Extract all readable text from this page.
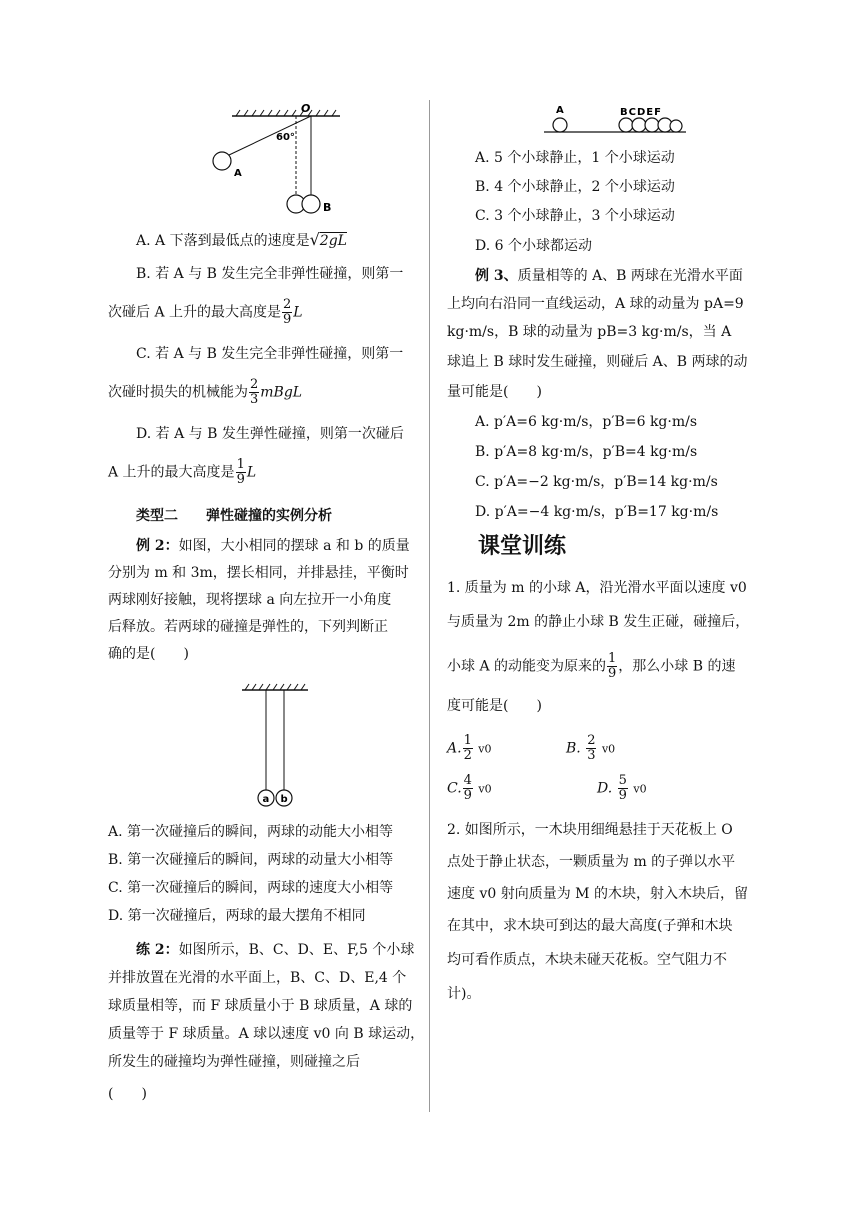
O
60°
A
B
A. A 下落到最低点的速度是√2gL
B. 若 A 与 B 发生完全非弹性碰撞，则第一
次碰后 A 上升的最大高度是 $\frac{2}{9}$ L
C. 若 A 与 B 发生完全非弹性碰撞，则第一
次碰时损失的机械能为 $\frac{2}{3}$ mBgL
D. 若 A 与 B 发生弹性碰撞，则第一次碰后
A 上升的最大高度是 $\frac{1}{9}$ L
类型二　　弹性碰撞的实例分析
例 2：如图，大小相同的摆球 a 和 b 的质量
分别为 m 和 3m，摆长相同，并排悬挂，平衡时
两球刚好接触，现将摆球 a 向左拉开一小角度
后释放。若两球的碰撞是弹性的，下列判断正
确的是(　　)
a b
A. 第一次碰撞后的瞬间，两球的动能大小相等
B. 第一次碰撞后的瞬间，两球的动量大小相等
C. 第一次碰撞后的瞬间，两球的速度大小相等
D. 第一次碰撞后，两球的最大摆角不相同
练 2：如图所示，B、C、D、E、F,5 个小球
并排放置在光滑的水平面上，B、C、D、E,4 个
球质量相等，而 F 球质量小于 B 球质量，A 球的
质量等于 F 球质量。A 球以速度 v0 向 B 球运动，
所发生的碰撞均为弹性碰撞，则碰撞之后
(　　)
A	BCDEF
A. 5 个小球静止，1 个小球运动
B. 4 个小球静止，2 个小球运动
C. 3 个小球静止，3 个小球运动
D. 6 个小球都运动
例 3、质量相等的 A、B 两球在光滑水平面
上均向右沿同一直线运动，A 球的动量为 pA=9
kg·m/s，B 球的动量为 pB=3 kg·m/s，当 A
球追上 B 球时发生碰撞，则碰后 A、B 两球的动
量可能是(　　)
A. p′A=6 kg·m/s，p′B=6 kg·m/s
B. p′A=8 kg·m/s，p′B=4 kg·m/s
C. p′A=−2 kg·m/s，p′B=14 kg·m/s
D. p′A=−4 kg·m/s，p′B=17 kg·m/s
课堂训练
1. 质量为 m 的小球 A，沿光滑水平面以速度 v0
与质量为 2m 的静止小球 B 发生正碰，碰撞后，
小球 A 的动能变为原来的 $\frac{1}{9}$ ，那么小球 B 的速
度可能是(　　)
A. $\frac{1}{2} v0$	B. $\frac{2}{3} v0$
C. $\frac{4}{9} v0$	D. $\frac{5}{9} v0$
2. 如图所示，一木块用细绳悬挂于天花板上 O
点处于静止状态，一颗质量为 m 的子弹以水平
速度 v0 射向质量为 M 的木块，射入木块后，留
在其中，求木块可到达的最大高度(子弹和木块
均可看作质点，木块未碰天花板。空气阻力不
计)。
